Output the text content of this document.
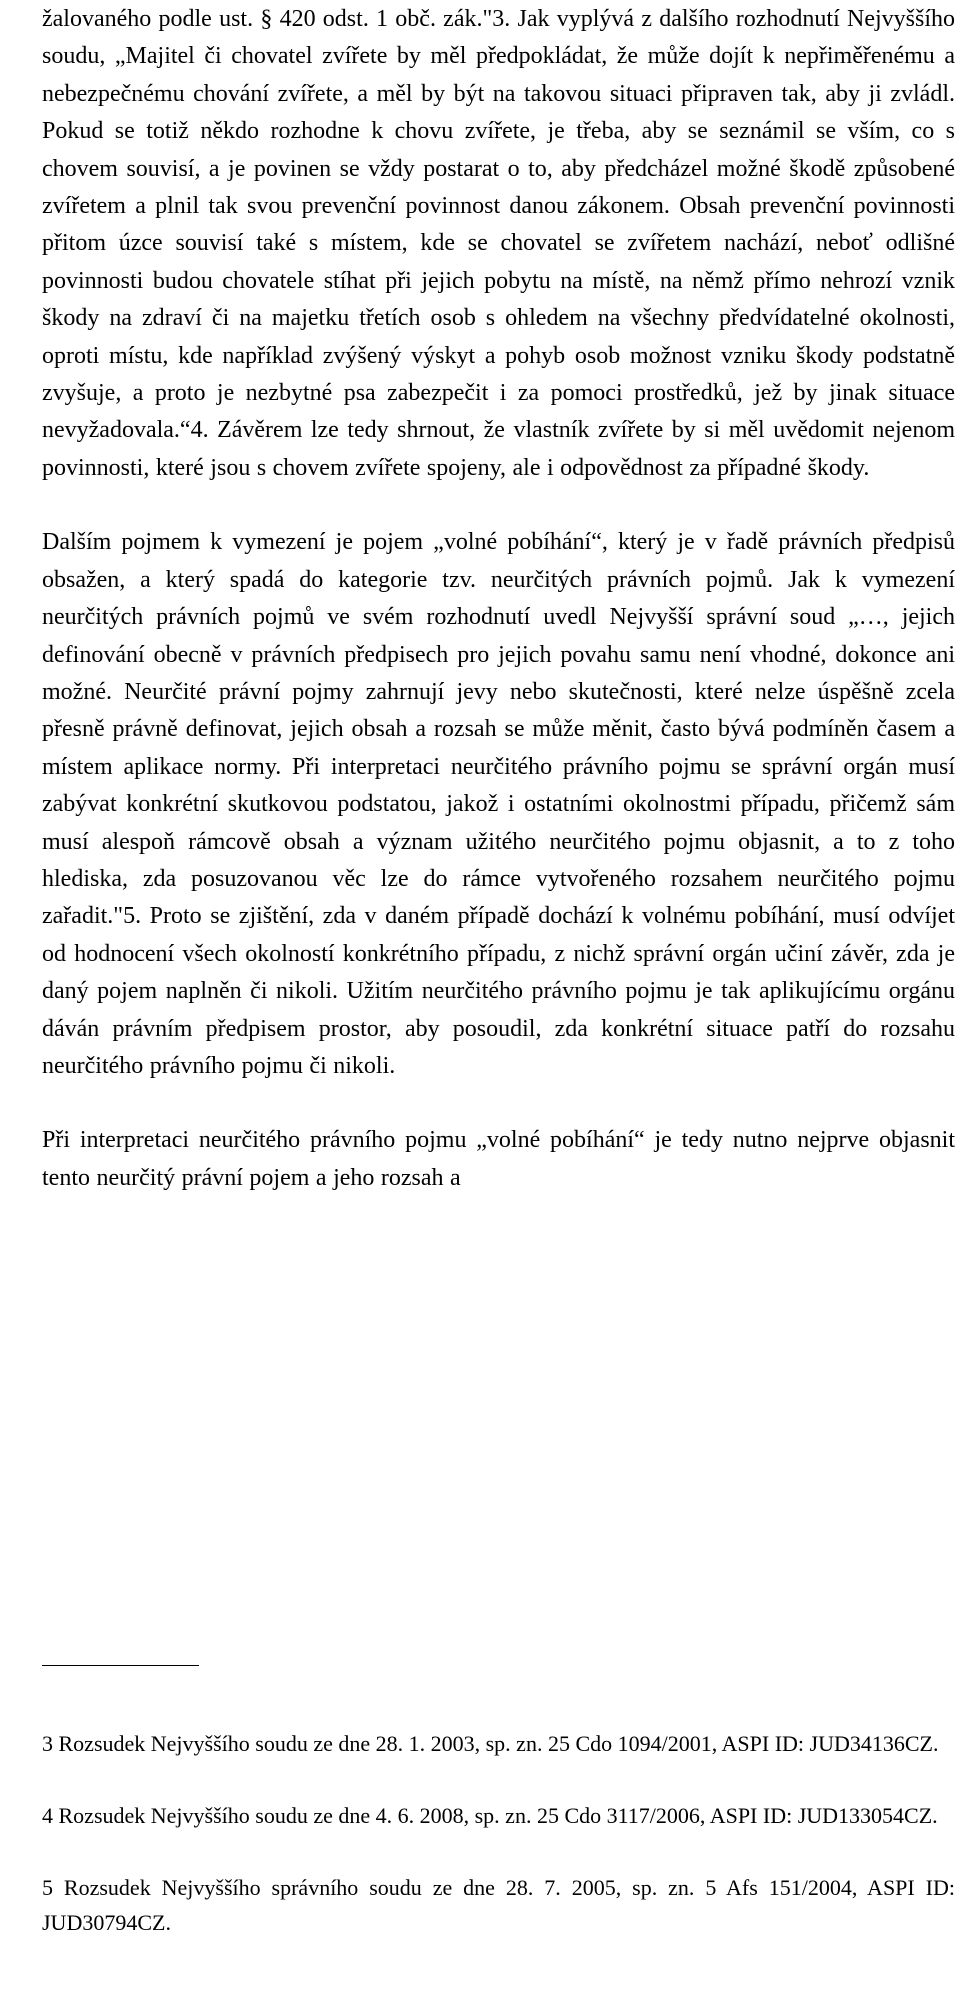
žalovaného podle ust. § 420 odst. 1 obč. zák."3. Jak vyplývá z dalšího rozhodnutí Nejvyššího soudu, „Majitel či chovatel zvířete by měl předpokládat, že může dojít k nepřiměřenému a nebezpečnému chování zvířete, a měl by být na takovou situaci připraven tak, aby ji zvládl. Pokud se totiž někdo rozhodne k chovu zvířete, je třeba, aby se seznámil se vším, co s chovem souvisí, a je povinen se vždy postarat o to, aby předcházel možné škodě způsobené zvířetem a plnil tak svou prevenční povinnost danou zákonem. Obsah prevenční povinnosti přitom úzce souvisí také s místem, kde se chovatel se zvířetem nachází, neboť odlišné povinnosti budou chovatele stíhat při jejich pobytu na místě, na němž přímo nehrozí vznik škody na zdraví či na majetku třetích osob s ohledem na všechny předvídatelné okolnosti, oproti místu, kde například zvýšený výskyt a pohyb osob možnost vzniku škody podstatně zvyšuje, a proto je nezbytné psa zabezpečit i za pomoci prostředků, jež by jinak situace nevyžadovala.“4. Závěrem lze tedy shrnout, že vlastník zvířete by si měl uvědomit nejenom povinnosti, které jsou s chovem zvířete spojeny, ale i odpovědnost za případné škody.

Dalším pojmem k vymezení je pojem „volné pobíhání“, který je v řadě právních předpisů obsažen, a který spadá do kategorie tzv. neurčitých právních pojmů. Jak k vymezení neurčitých právních pojmů ve svém rozhodnutí uvedl Nejvyšší správní soud „…, jejich definování obecně v právních předpisech pro jejich povahu samu není vhodné, dokonce ani možné. Neurčité právní pojmy zahrnují jevy nebo skutečnosti, které nelze úspěšně zcela přesně právně definovat, jejich obsah a rozsah se může měnit, často bývá podmíněn časem a místem aplikace normy. Při interpretaci neurčitého právního pojmu se správní orgán musí zabývat konkrétní skutkovou podstatou, jakož i ostatními okolnostmi případu, přičemž sám musí alespoň rámcově obsah a význam užitého neurčitého pojmu objasnit, a to z toho hlediska, zda posuzovanou věc lze do rámce vytvořeného rozsahem neurčitého pojmu zařadit."5. Proto se zjištění, zda v daném případě dochází k volnému pobíhání, musí odvíjet od hodnocení všech okolností konkrétního případu, z nichž správní orgán učiní závěr, zda je daný pojem naplněn či nikoli. Užitím neurčitého právního pojmu je tak aplikujícímu orgánu dáván právním předpisem prostor, aby posoudil, zda konkrétní situace patří do rozsahu neurčitého právního pojmu či nikoli.

Při interpretaci neurčitého právního pojmu „volné pobíhání“ je tedy nutno nejprve objasnit tento neurčitý právní pojem a jeho rozsah a

3 Rozsudek Nejvyššího soudu ze dne 28. 1. 2003, sp. zn. 25 Cdo 1094/2001, ASPI ID: JUD34136CZ.

4 Rozsudek Nejvyššího soudu ze dne 4. 6. 2008, sp. zn. 25 Cdo 3117/2006, ASPI ID: JUD133054CZ.

5 Rozsudek Nejvyššího správního soudu ze dne 28. 7. 2005, sp. zn. 5 Afs 151/2004, ASPI ID: JUD30794CZ.
